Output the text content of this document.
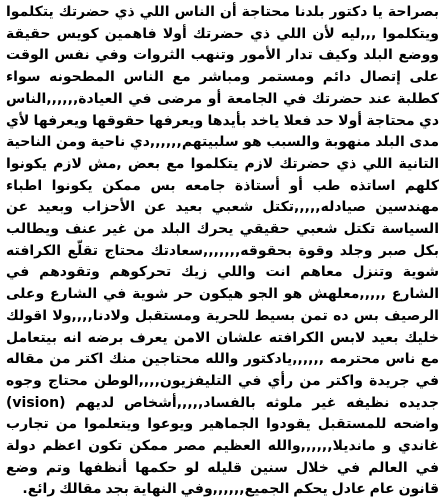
بصراحة يا دكتور بلدنا محتاجة أن الناس اللي ذي حضرتك يتكلموا ويتكلموا ,,,ليه لأن اللي ذي حضرتك أولا فاهمين كويس حقيقة ووضع البلد وكيف تدار الأمور وتنهب الثروات وفي نفس الوقت على إتصال دائم ومستمر ومباشر مع الناس المطحونه سواء كطلبة عند حضرتك في الجامعة أو مرضى في العيادة,,,,,,الناس دي محتاجة أولا حد فعلا ياخد بأيدها ويعرفها حقوقها ويعرفها لأي مدى البلد منهوبة والسبب هو سلبيتهم,,,,,,دي ناحية ومن الناحية التانية اللي ذي حضرتك لازم يتكلموا مع بعض ,مش لازم يكونوا كلهم اساتذه طب أو أستاذة جامعه بس ممكن يكونوا اطباء مهندسين صيادله,,,,,تكتل شعبي بعيد عن الأحزاب وبعيد عن السياسة تكتل شعبي حقيقي يحرك البلد من غير عنف ويطالب بكل صبر وجلد وقوة بحقوقه,,,,,,,سعادتك محتاج تقلّع الكرافته شوية وتنزل معاهم انت واللي زيك تحركوهم وتقودهم في الشارع ,,,,,معلهش هو الجو هيكون حر شوية في الشارع وعلى الرصيف بس ده تمن بسيط للحرية ومستقبل ولادنا,,,,ولا اقولك خليك بعيد لابس الكرافته علشان الامن يعرف برضه انه بيتعامل مع ناس محترمه ,,,,,,يادكتور والله محتاجين منك اكتر من مقاله في جريدة واكتر من رأي في التليفزيون,,,,الوطن محتاج وجوه جديده نظيفه غير ملوثه بالفساد,,,,,أشخاص لديهم (vision) واضحه للمستقبل يقودوا الجماهير ويوعوا ويتعلموا من تجارب غاندي و مانديلا,,,,,,والله العظيم مصر ممكن تكون اعظم دولة في العالم في خلال سنين قليله لو حكمها أنظفها وتم وضع قانون عام عادل يحكم الجميع,,,,,,وفي النهاية بجد مقالك رائع.
